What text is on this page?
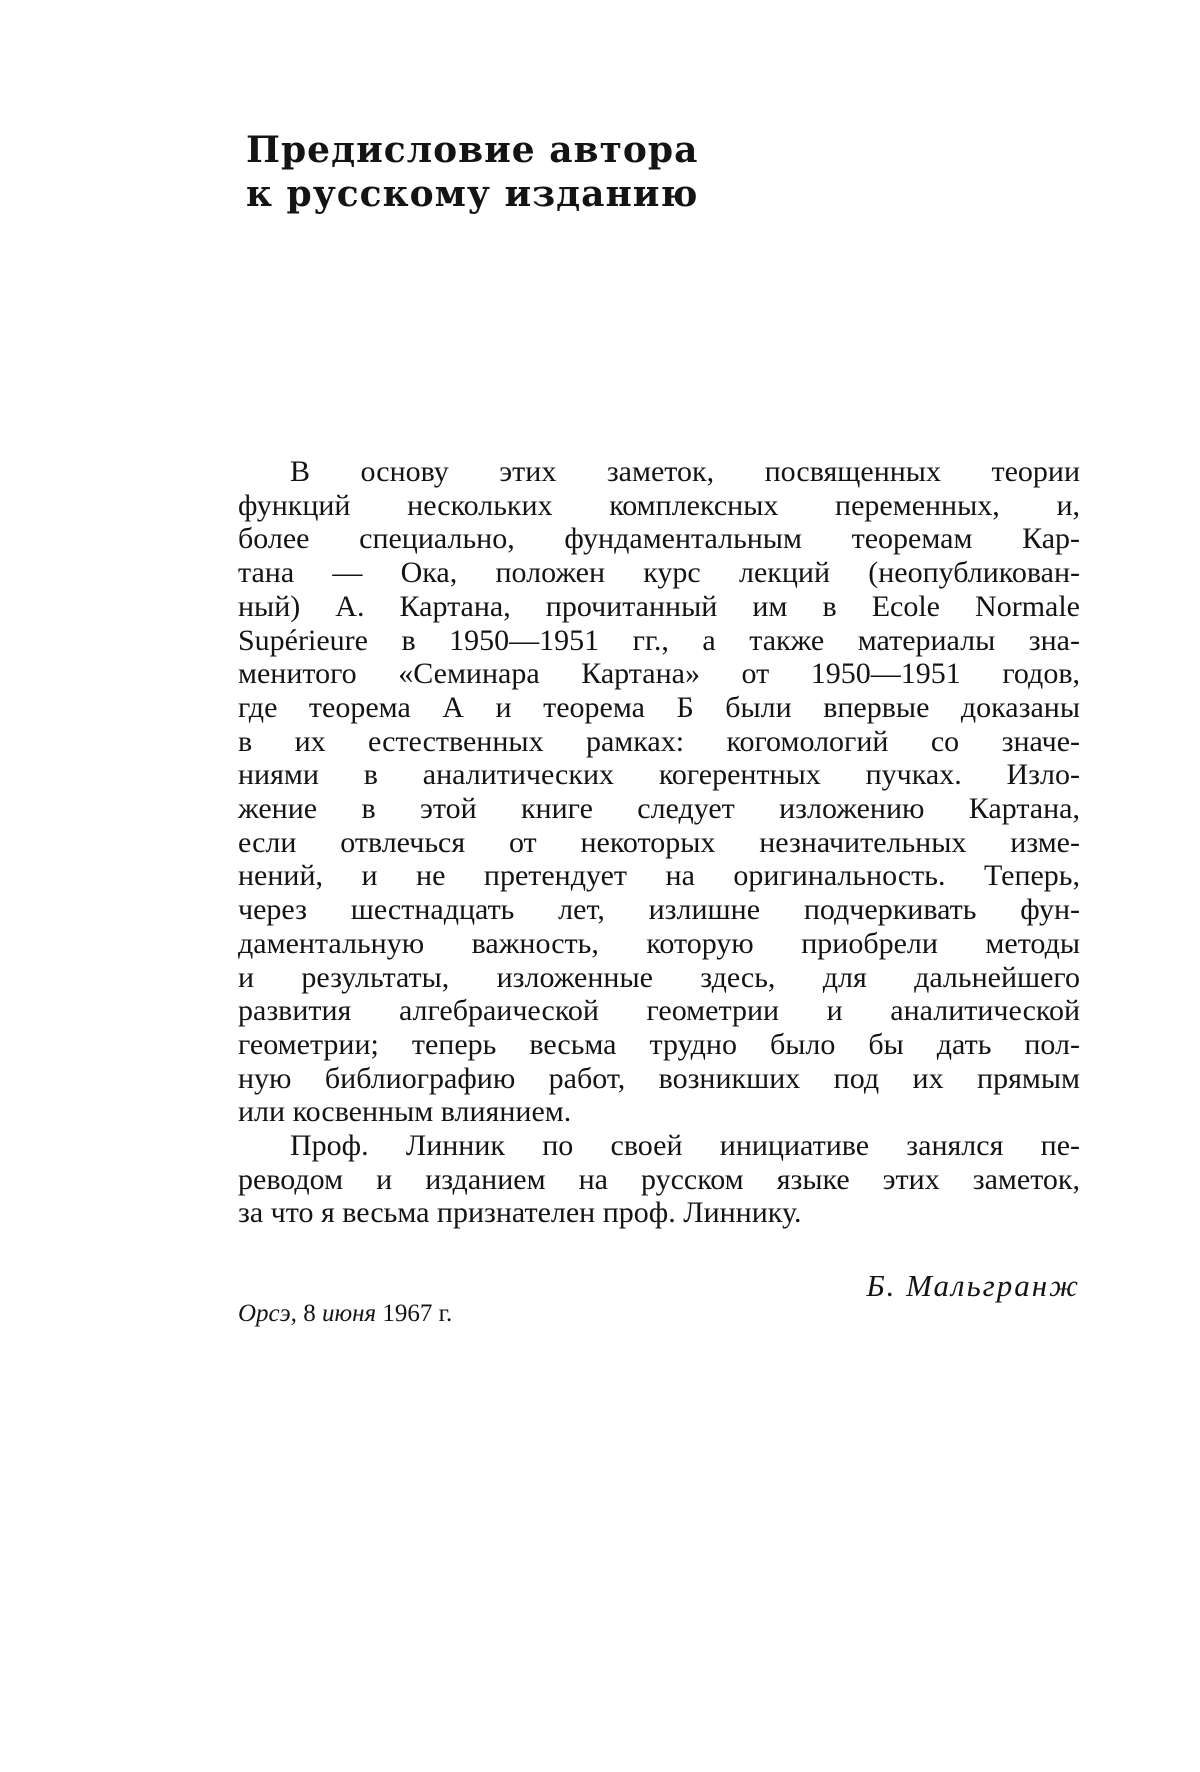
Предисловие автора
к русскому изданию
В основу этих заметок, посвященных теории
функций нескольких комплексных переменных, и,
более специально, фундаментальным теоремам Кар-
тана — Ока, положен курс лекций (неопубликован-
ный) А. Картана, прочитанный им в Ecole Normale
Supérieure в 1950—1951 гг., а также материалы зна-
менитого «Семинара Картана» от 1950—1951 годов,
где теорема А и теорема Б были впервые доказаны
в их естественных рамках: когомологий со значе-
ниями в аналитических когерентных пучках. Изло-
жение в этой книге следует изложению Картана,
если отвлечься от некоторых незначительных изме-
нений, и не претендует на оригинальность. Теперь,
через шестнадцать лет, излишне подчеркивать фун-
даментальную важность, которую приобрели методы
и результаты, изложенные здесь, для дальнейшего
развития алгебраической геометрии и аналитической
геометрии; теперь весьма трудно было бы дать пол-
ную библиографию работ, возникших под их прямым
или косвенным влиянием.
Проф. Линник по своей инициативе занялся пе-
реводом и изданием на русском языке этих заметок,
за что я весьма признателен проф. Линнику.
Б. Мальгранж
Орсэ, 8 июня 1967 г.
